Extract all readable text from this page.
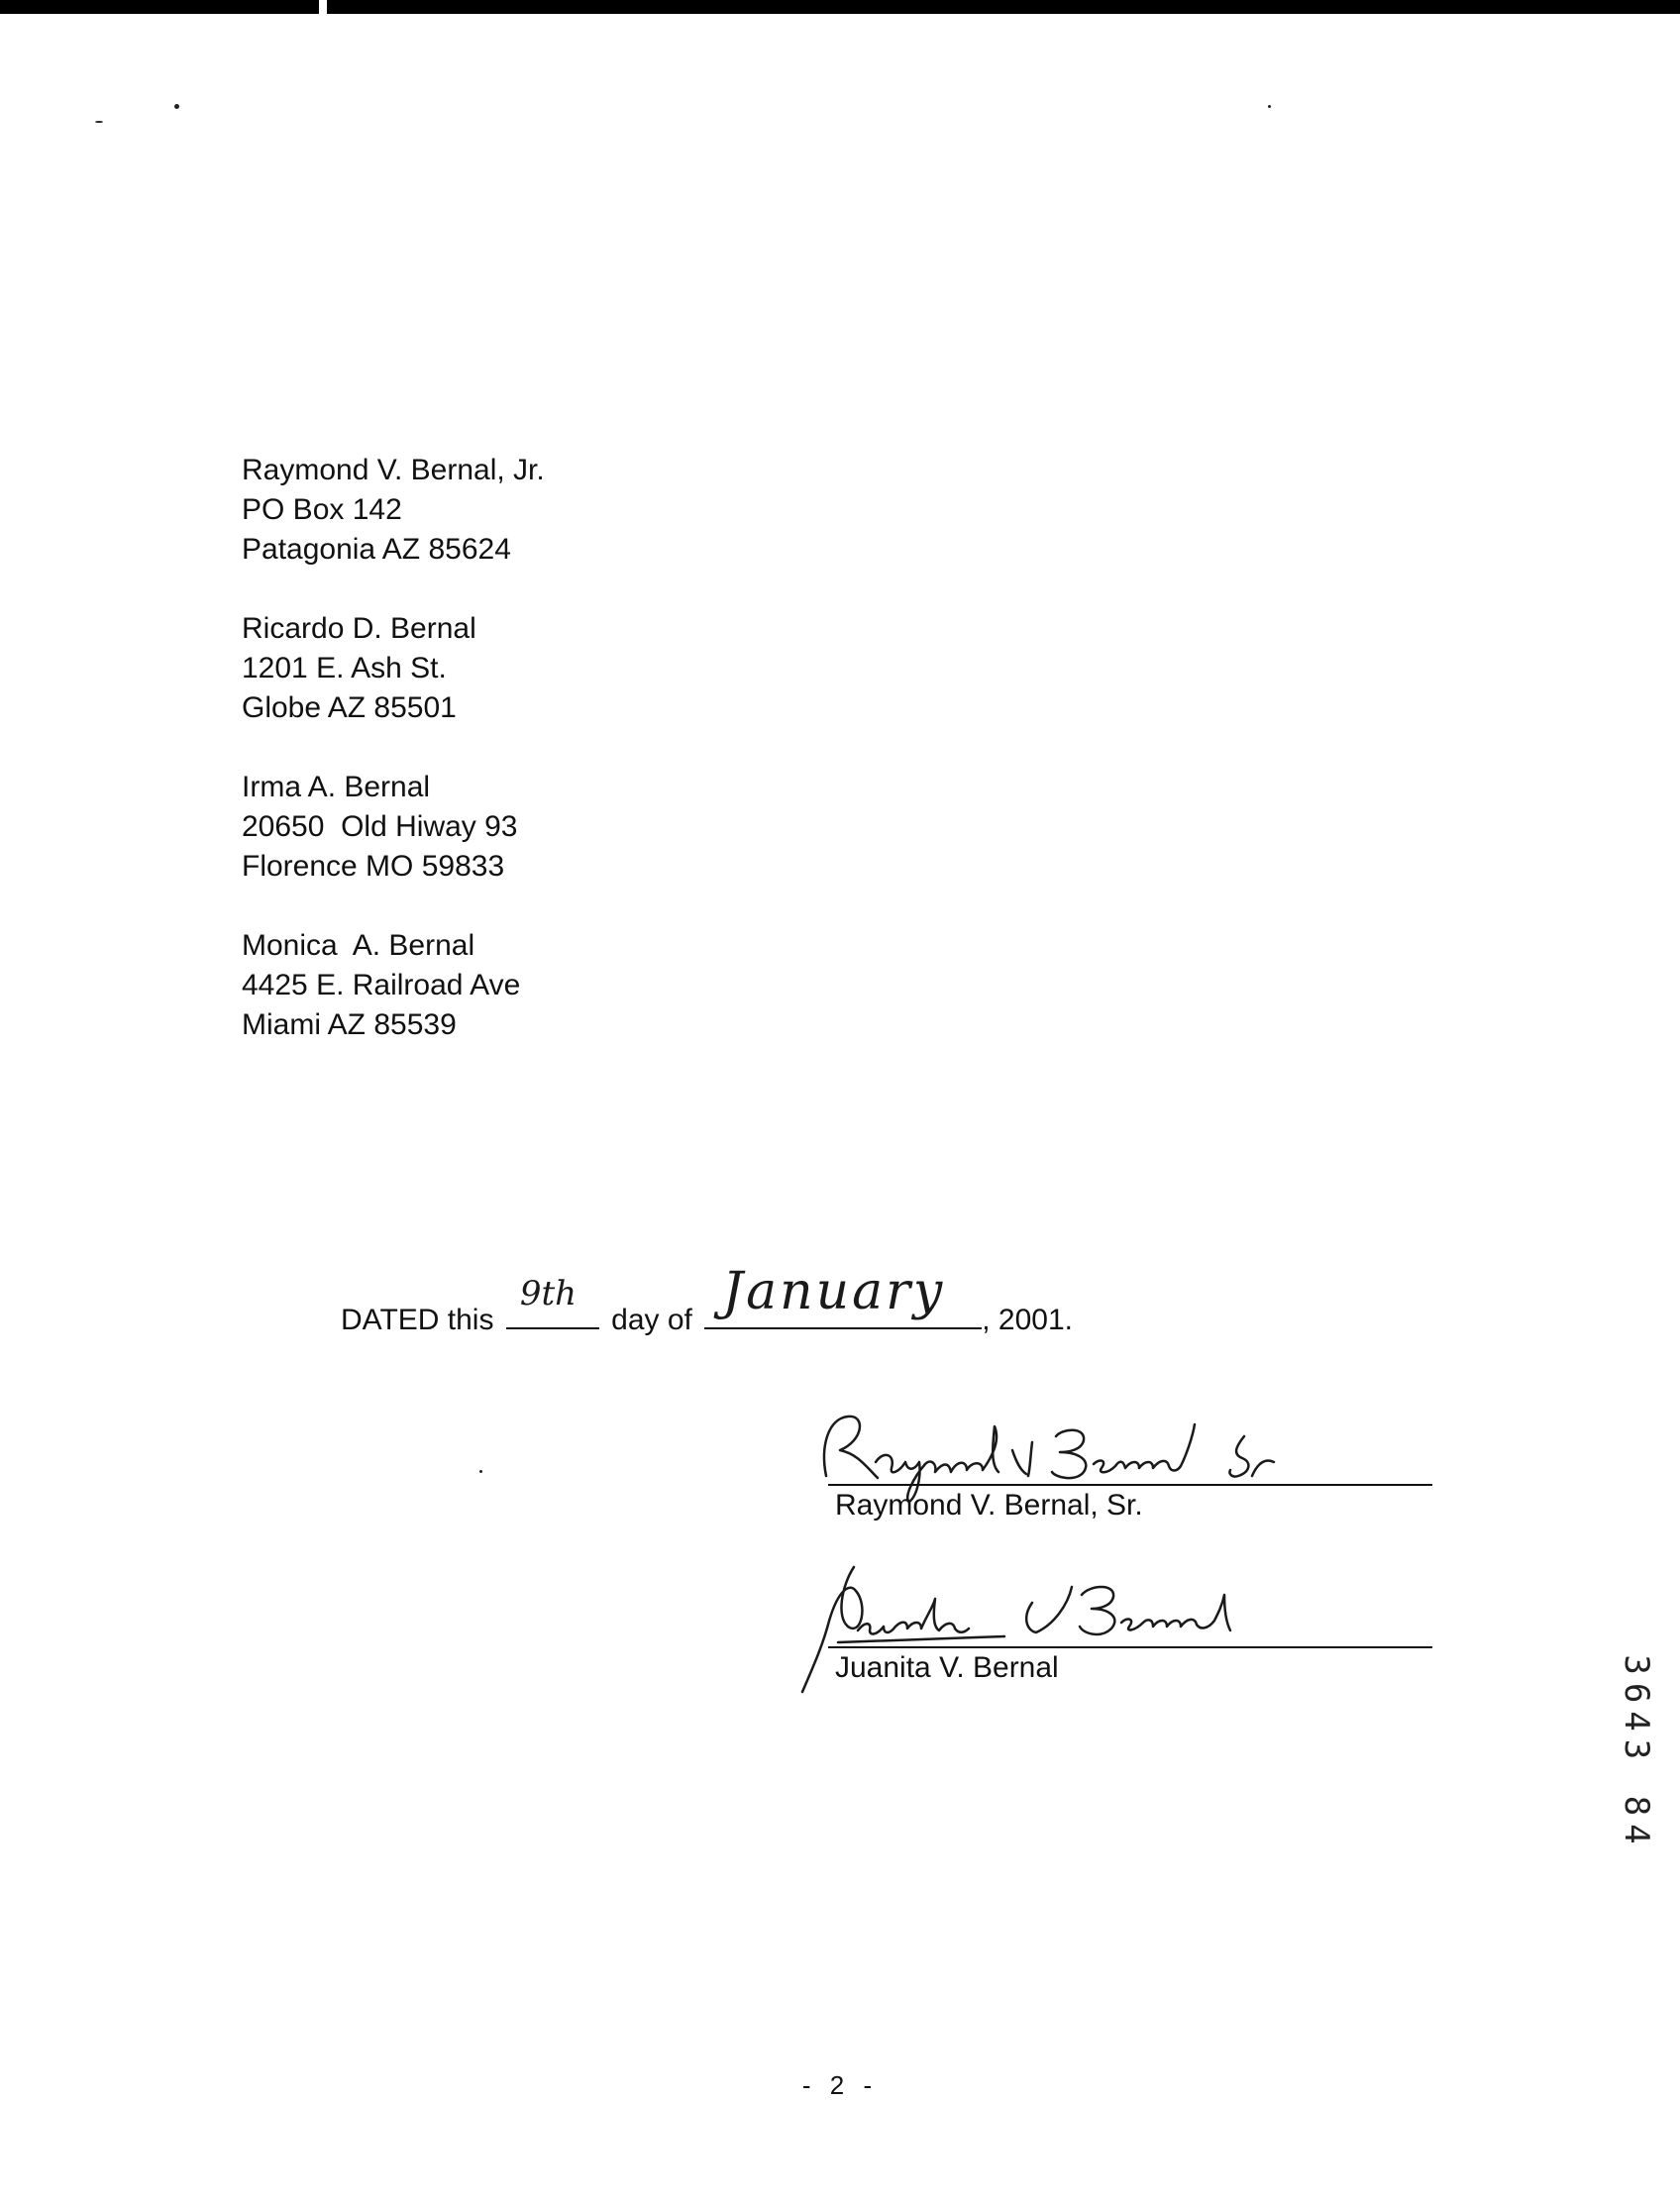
Raymond V. Bernal, Jr.
PO Box 142
Patagonia AZ 85624
Ricardo D. Bernal
1201 E. Ash St.
Globe AZ 85501
Irma A. Bernal
20650  Old Hiway 93
Florence MO 59833
Monica  A. Bernal
4425 E. Railroad Ave
Miami AZ 85539
DATED this
9th
day of January , 2001.
Raymond V. Bernal, Sr.
Juanita V. Bernal	3643 84
- 2 -
